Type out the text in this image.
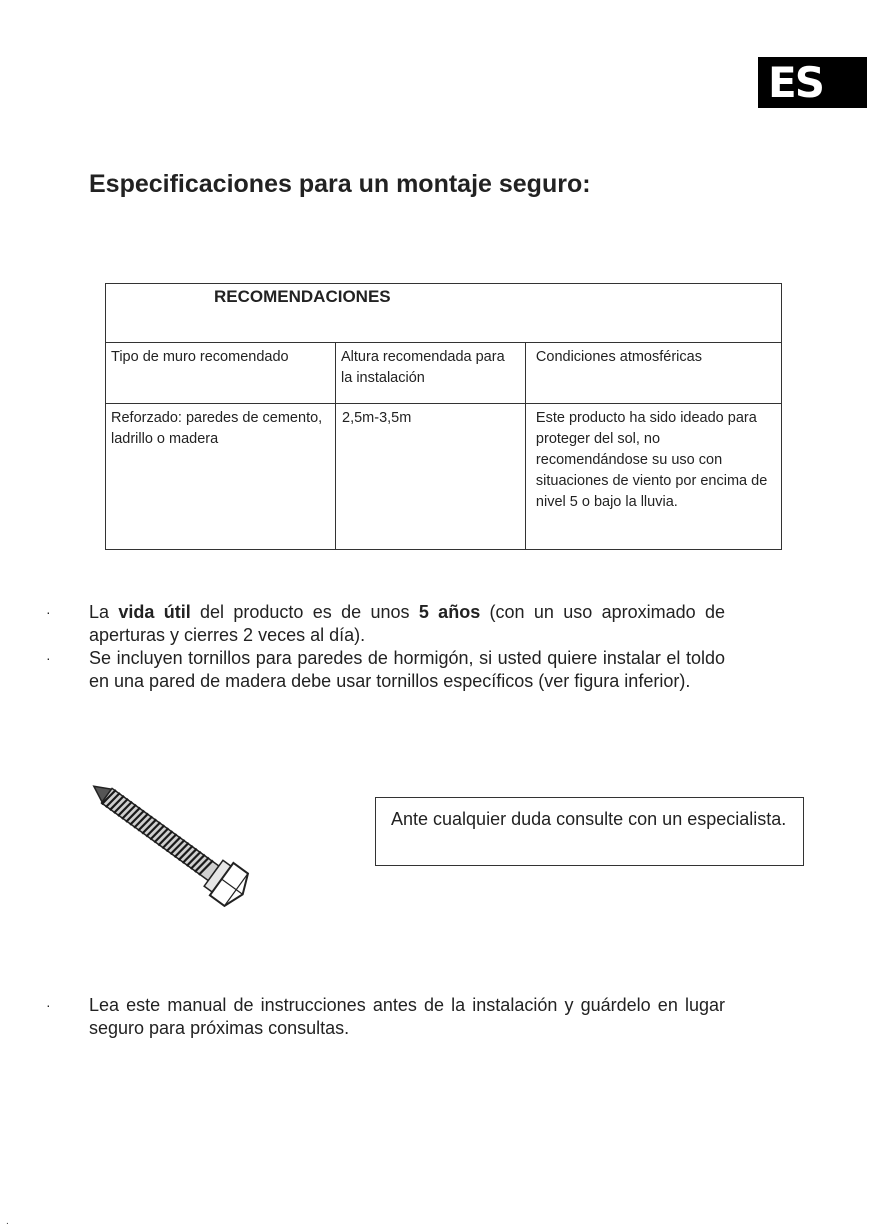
ES
Especificaciones para un montaje seguro:
RECOMENDACIONES		
Tipo de muro recomendado	Altura recomendada para la instalación	Condiciones atmosféricas
Reforzado: paredes de cemento, ladrillo o madera	2,5m-3,5m	Este producto ha sido ideado para proteger del sol, no recomendándose su uso con situaciones de viento por encima de nivel 5 o bajo la lluvia.
· La vida útil del producto es de unos 5 años (con un uso aproximado de aperturas y cierres 2 veces al día).
· Se incluyen tornillos para paredes de hormigón, si usted quiere instalar el toldo en una pared de madera debe usar tornillos específicos (ver figura inferior).
Ante cualquier duda consulte con un especialista.
· Lea este manual de instrucciones antes de la instalación y guárdelo en lugar seguro para próximas consultas.
.
